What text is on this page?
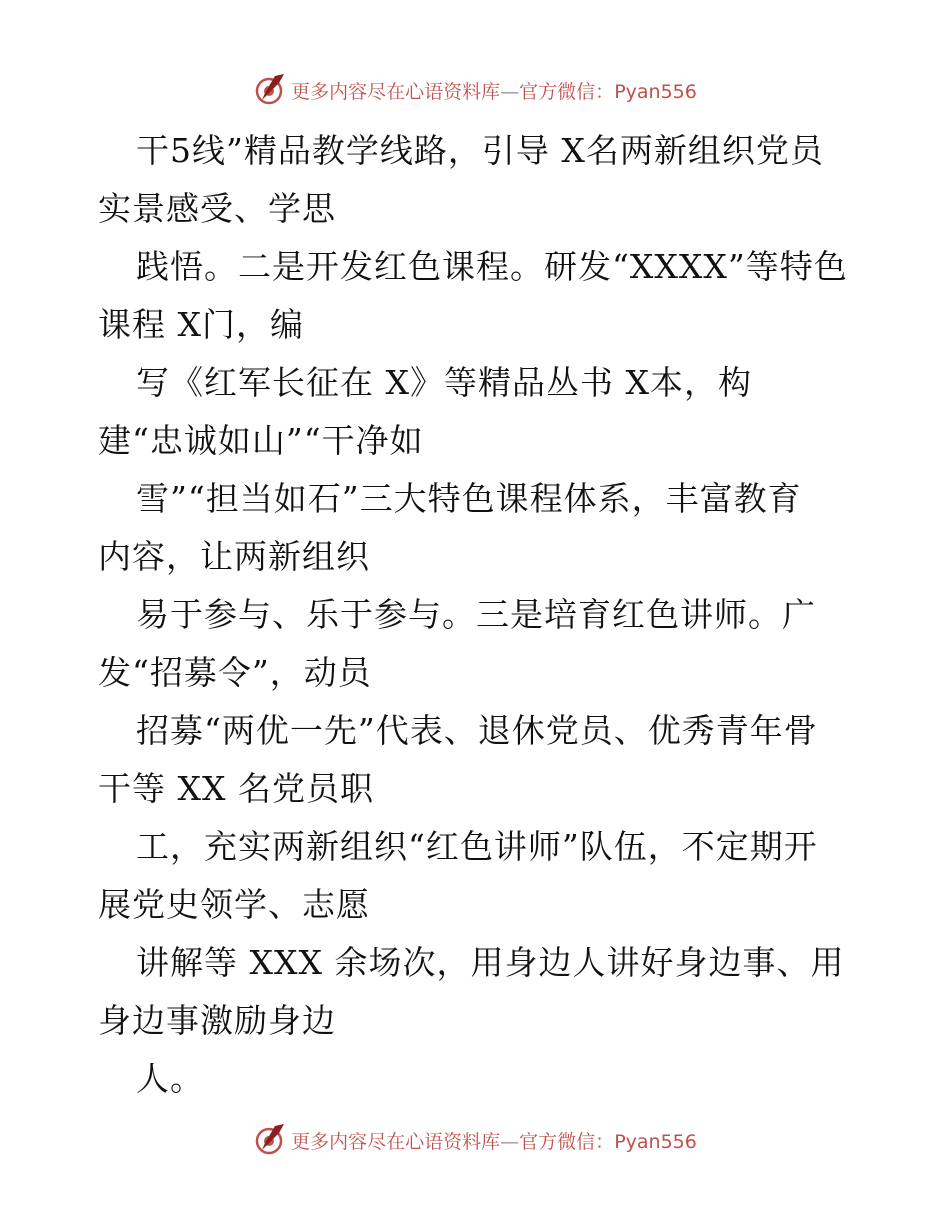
更多内容尽在心语资料库—官方微信：Pyan556
干5线”精品教学线路，引导 X名两新组织党员
实景感受、学思
践悟。二是开发红色课程。研发“XXXX”等特色
课程 X门，编
写《红军长征在 X》等精品丛书 X本，构
建“忠诚如山”“干净如
雪”“担当如石”三大特色课程体系，丰富教育
内容，让两新组织
易于参与、乐于参与。三是培育红色讲师。广
发“招募令”，动员
招募“两优一先”代表、退休党员、优秀青年骨
干等 XX 名党员职
工，充实两新组织“红色讲师”队伍，不定期开
展党史领学、志愿
讲解等 XXX 余场次，用身边人讲好身边事、用
身边事激励身边
人。
更多内容尽在心语资料库—官方微信：Pyan556
